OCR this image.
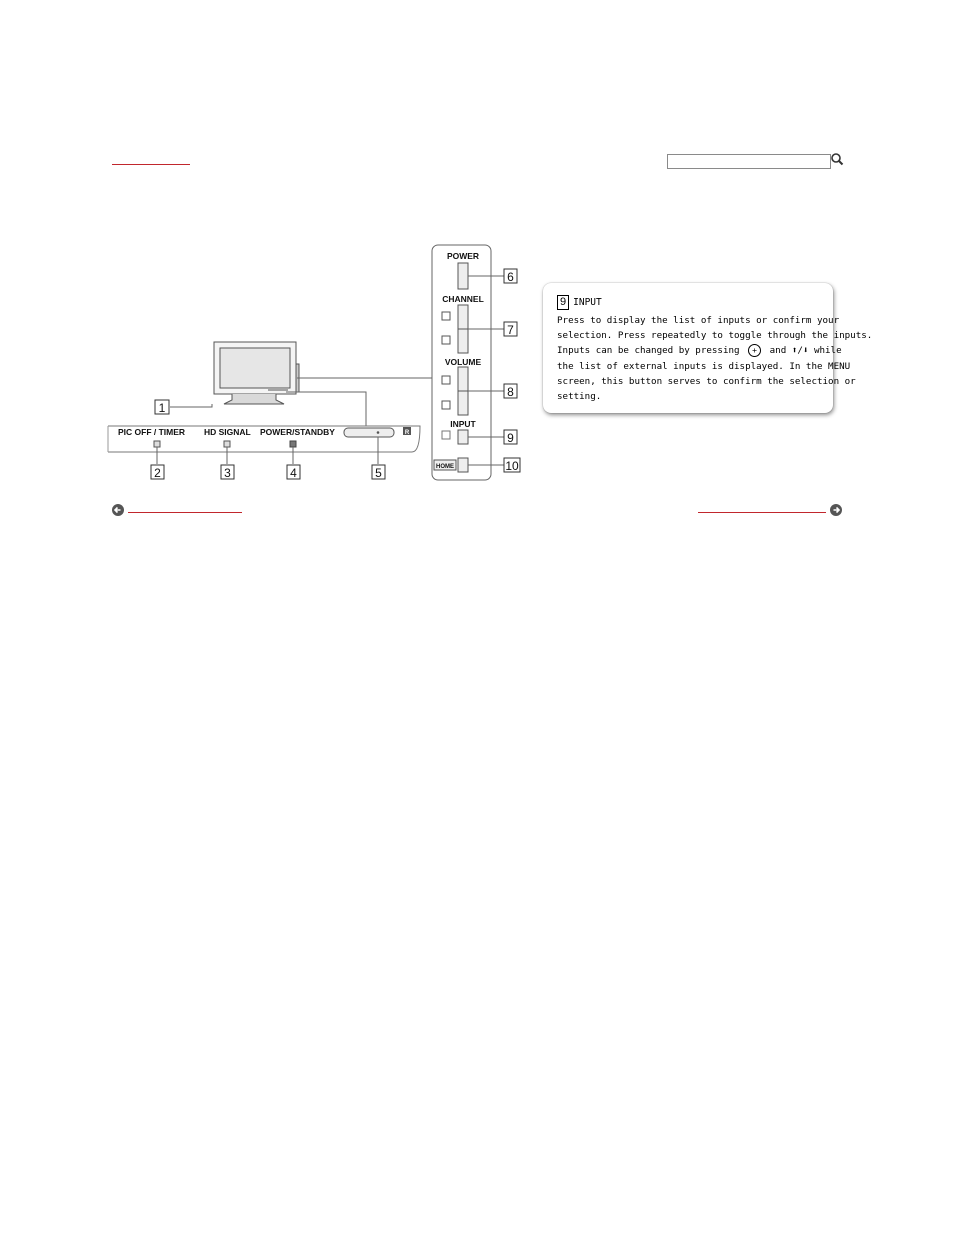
1
2	3	4	5
6
7
8
9
10
PIC OFF / TIMER HD SIGNAL POWER/STANDBY	R
POWER
CHANNEL
VOLUME
INPUT
HOME
9 INPUT
Press to display the list of inputs or confirm your
selection. Press repeatedly to toggle through the inputs.
Inputs can be changed by pressing + and ⬆/⬇ while
the list of external inputs is displayed. In the MENU
screen, this button serves to confirm the selection or
setting.
